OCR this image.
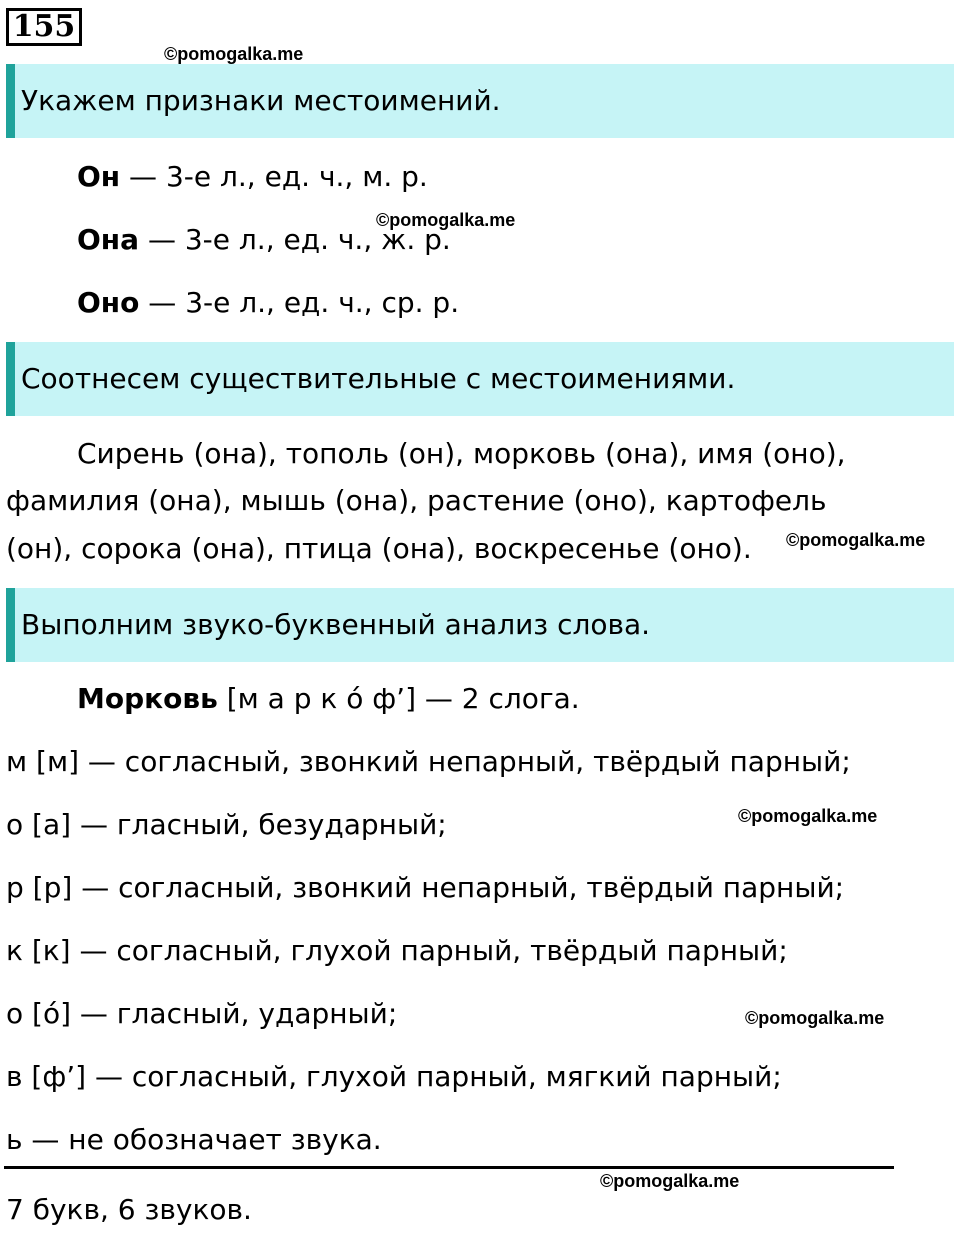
155
©pomogalka.me
Укажем признаки местоимений.
Он — 3-е л., ед. ч., м. р.
©pomogalka.me
Она — 3-е л., ед. ч., ж. р.
Оно — 3-е л., ед. ч., ср. р.
Соотнесем существительные с местоимениями.
Сирень (она), тополь (он), морковь (она), имя (оно),
фамилия (она), мышь (она), растение (оно), картофель
(он), сорока (она), птица (она), воскресенье (оно). ©pomogalka.me
Выполним звуко-буквенный анализ слова.
Морковь [м а р к о́ ф’] — 2 слога.
м [м] — согласный, звонкий непарный, твёрдый парный;
о [а] — гласный, безударный;	©pomogalka.me
р [р] — согласный, звонкий непарный, твёрдый парный;
к [к] — согласный, глухой парный, твёрдый парный;
о [о́] — гласный, ударный;	©pomogalka.me
в [ф’] — согласный, глухой парный, мягкий парный;
ь — не обозначает звука.
©pomogalka.me
7 букв, 6 звуков.
